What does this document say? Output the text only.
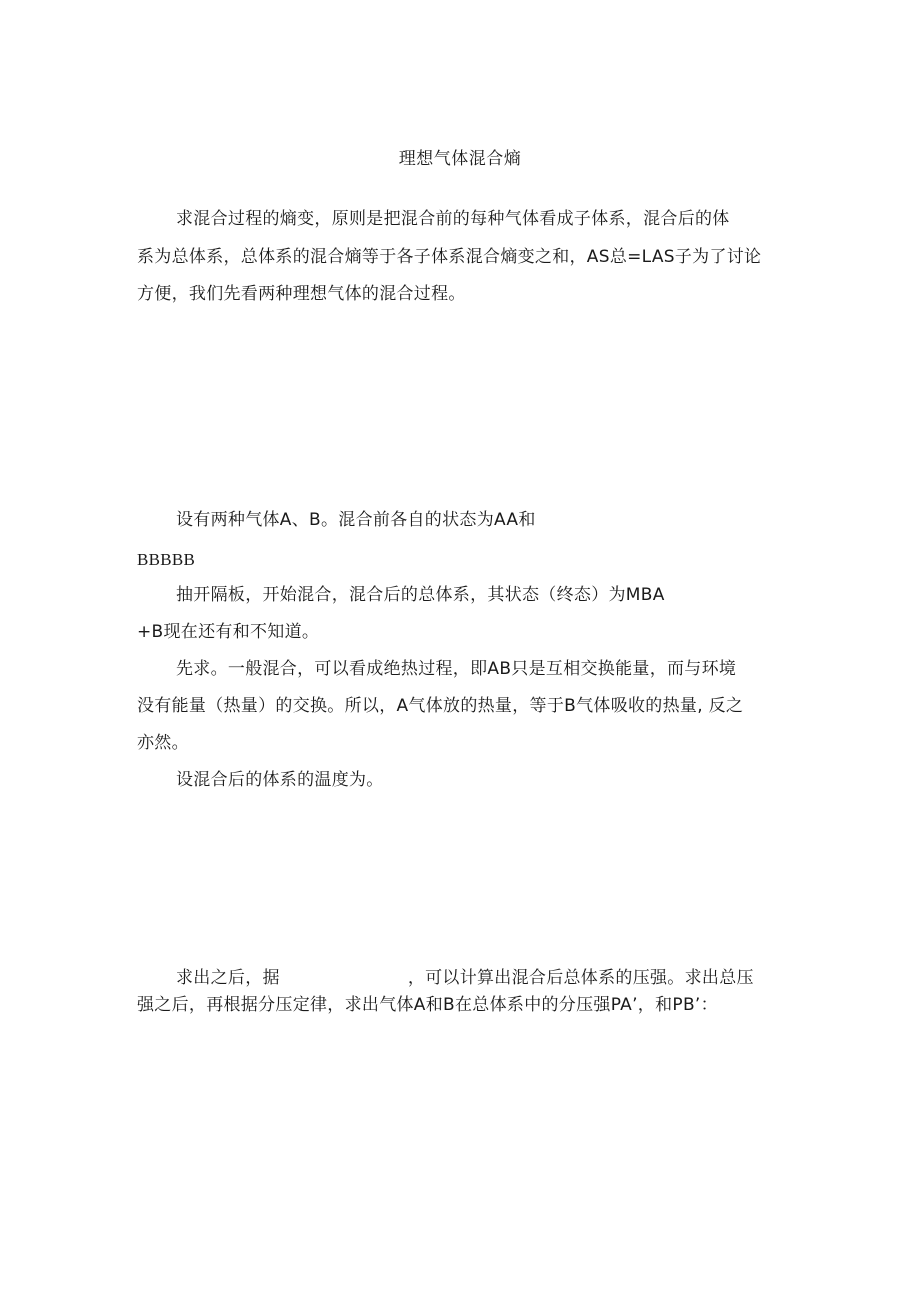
理想气体混合熵
求混合过程的熵变，原则是把混合前的每种气体看成子体系，混合后的体
系为总体系，总体系的混合熵等于各子体系混合熵变之和，AS总=LAS子为了讨论
方便，我们先看两种理想气体的混合过程。
设有两种气体A、B。混合前各自的状态为AA和
BBBBB
抽开隔板，开始混合，混合后的总体系，其状态（终态）为MBA
+B现在还有和不知道。
先求。一般混合，可以看成绝热过程，即AB只是互相交换能量，而与环境
没有能量（热量）的交换。所以，A气体放的热量，等于B气体吸收的热量, 反之
亦然。
设混合后的体系的温度为。
求出之后，据	，可以计算出混合后总体系的压强。求出总压
强之后，再根据分压定律，求出气体A和B在总体系中的分压强PA’，和PB’：
